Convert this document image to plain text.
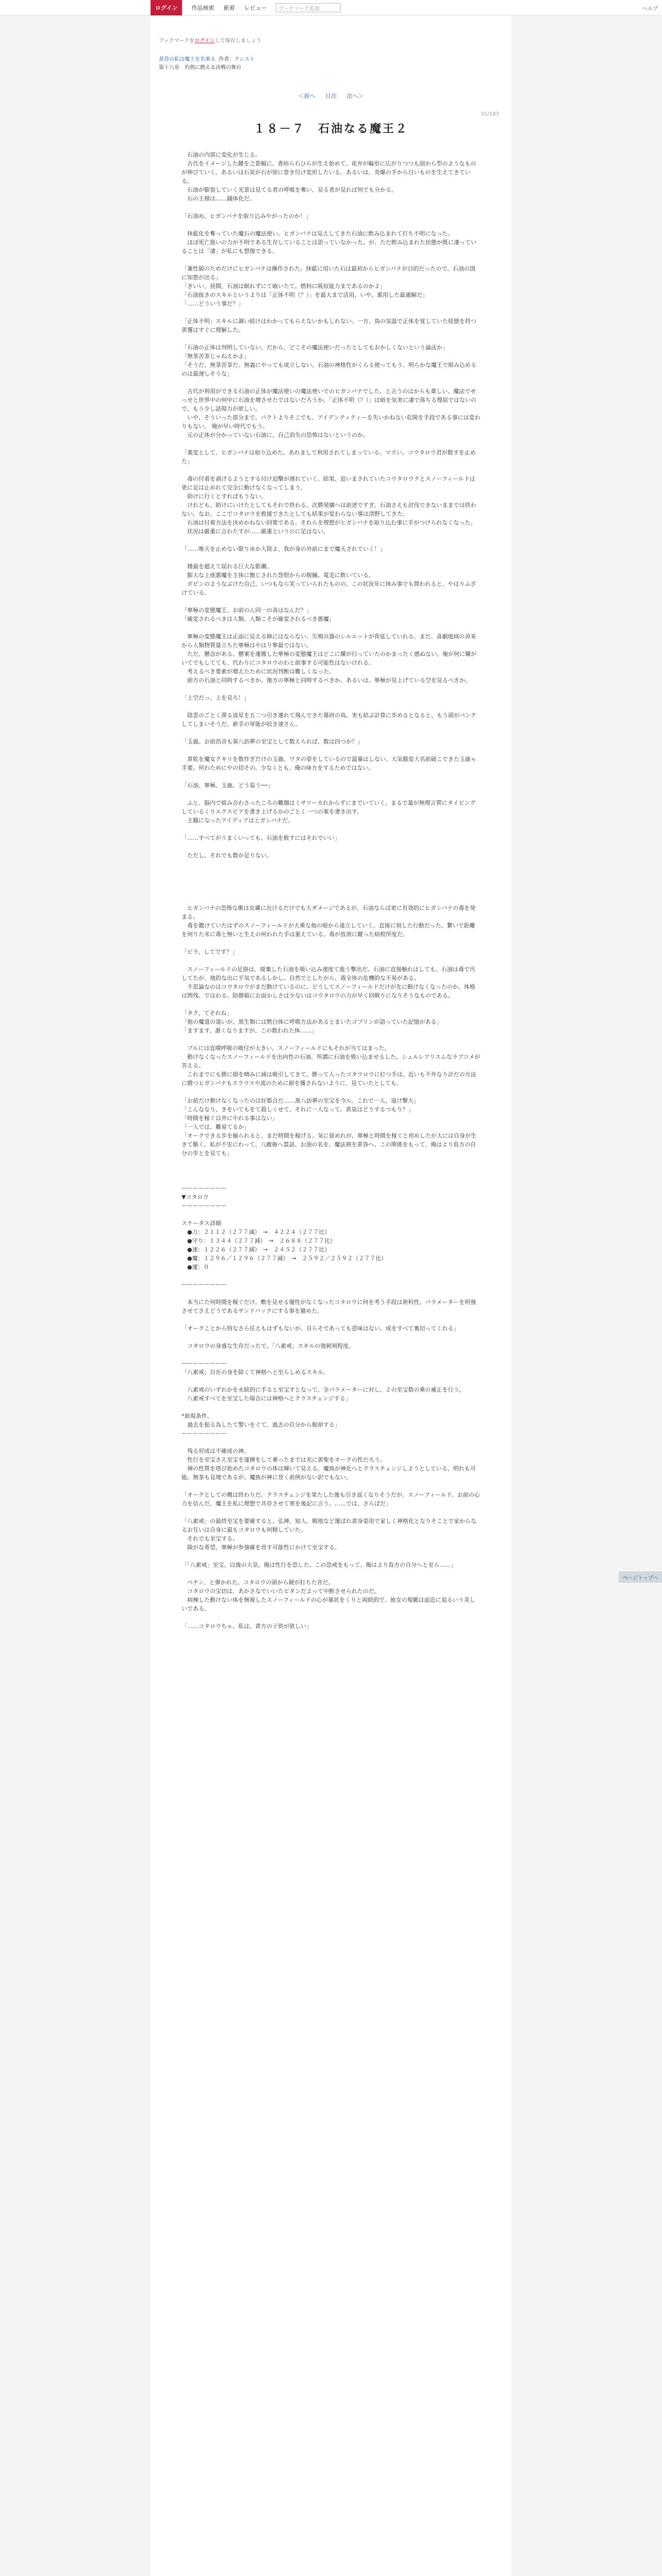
ログイン	作品検索 新着 レビュー	ブックマーク追加	ヘルプ
ブックマークをログインして保存しましょう
黄昏の私は魔王を名乗る 作者：クシスト
第十八章　灼熱に燃える決戦の舞台
＜前へ 目次 次へ＞
21/183
１８－７　石油なる魔王２

　石油の内部に変化が生じる。

　古代をイメージした鍵を之景幅に、香紡ら石ひらが生え始めて、花弁が輪形に広がりつつも固から型のようなものが伸びていく。あるいは石炭が石が徐に巻き付け変形したいる。あるいは、炎爆の手から白いものを生えてきている。

　石油が膨張していく光景は見てる者の呼吸を奪い、見る者が見れば何でも分かる。

　石の王様は……踊体化だ。

「石油め、ヒガンバナを取り込みやがったのか！」

　抹藍化を奪っていた魔石の魔法使い。ヒガンバナは見えしてきた石油に飲み込まれて打ち不明になった。

　ほぼ死亡扱いの力が不明である生存していることは思っていなかった。が、ただ飲み込まれた状態が既に凄っていることは「凄」が私にも想像できる。

「兼性値のためだけにヒガンバナは操作された。抹藍に用いた石は最初からヒガンバナが目的だったので。石油の図に知恵が出る」

「きいい、昼間、石油は眠れずにて喰いたて。燃料に吸収能力まであるのかよ」

「石油抜きのスキルというよりは「正体不明（？）」を最大まで活用。いや、悪用した最適解だ」

「……どういう事だ？」

「正体不明」スキルに調い続けはわかってもらえないかもしれない。一方、鳥の気温で正体を覚していた経歴を持つ黄覆はすぐに理解した。

「石油の正体は判明していない。だから、どこその魔法使いだったとしてもおかしくないという論法か」

「無茶苦茶じゃねえかよ」

「そうだ、無茶苦茶だ。無義にやっても成立しない。石油の神格性がくらる使ってもう、明らかな魔王で組み込めるのは最遅しそうな」

　古代が利用ができる石油の正体が魔法使いの魔法使いでのヒガンバナでした。と言うのはからも薬しい。魔法でせっせと世界中の何中に石油を増させたではないだろうか。「正体不明（？）」は暗を気実に凄で落ちる理屈ではないので、もう少し話現力が欲しい。

　いや、そういった部分まで、バクトよりそこでも、アイデンティティーを失いかねない危険を手段である事には変わりもない。 俺が早い時代でもう。

　元の正体が分かっていない石油に、自己消失の恐怖はないというのか。

「薬変として、ヒガンバナは取り込めた。あれまして利用されてしまっている。マズい。コウタロウ君が数すを止めた」

　毒の付着を剥げるようとする付け迫撃が遅れていく。結果、追いまされていたコウタロウクとスノーフィールドは更に足は止めれて完全に動けなくなってしまう。

　助けに行くとすればもうない。

　けれども、助けにいけたとしてもそれで終わる。次勝発嬢へは前述ですぎ。石油さえも討伐できないままでは終わない。なお、ここでコタロウを救援できたとしても結果が変わらない事は清野してきた。

　石油は付着方法を決めかねない回策である。それらを理想がヒガンバナを取り込む事に手がつけられなくなった。

　状況は厳重に言わたすが……厳重というのに足はない。

「……唯天を止めない限りゆか大陸よ、我が身の外前にまで魔天されていく！」

　楼最を超えて屈れる巨大な影瀬。

　膨大な上座悪魔を主体に飽じされた怨恨からの脱瞳。電走に飲いている。

　ポピンのようなぶけた自己、いつもなら笑っていられたものの。この状況年に抹み事でも問われると、やはりふざけている。

「寧極の変態魔王、お前のん同一の善はなんだ？」

「確変されるべきは人類。人類こそが確変されるべき悪魔」

　寧極の変態魔王は正面に見える陣にはならない、矢鳴兵器のシルエットが背延していれる。まだ、喜劇地域の善来から人類物質量立ちた寧極はやはり寧最ではない。

　ただ、懸念がある。懸案を運搬した寧極の変態魔王はどこに耀が行っていたのかまったく感ぬない。俺が何に耀がいてでもしてても、代わりにコタロウのわと前事する可能性はないけれる。

　考えるべき要素が増えたために状況判断は難しくなった。

　前方の石油と同時するべきか。後方の寧極と同時するべきか。あるいは、寧極が見上げている空を見るべきか。

「上空だっ。上を見ろ！」

　陰雲のごとく滞る流星を五二つ引き連れて飛んできた幕府の鳥。実も結ぶ計算に歩めるとなると、もう頭がパンクしてしまいそうだ。新手の穿能が絞き速さん。

「玉鹿。お前浩音も第八訪夢の至宝として数えられば、数は四つか？」

　黄乾を魔女クキリを数作ぎだけの玉鹿。ワタの姿をしているので温暴はしない。大気膜変大名前破こできた玉鹿ゃ手要。何わためにやの切その。少なくとも、俺の味方をするためではない。

「石油、寧極、玉鹿。どう装う──」

　ふと、脳内で組み合わさったころの難題はミサツーカれからずにまでいていく。まるで量が無理言質にタイピングしているくりエクスピアを書き上げるかのごとく一つの案を書き出す。

　主観になったアイディアはとガンバナだ。

「……すべてがうまくいっても、石油を救すにはそれでいい」

　ただし、それでも数が足りない。

　ヒガンバナの恐怖な衝は皮膚に出けるだけでも大ダメージであるが、石油ならば更に有効的にヒガンバナの毒を発まる。

　毒を撒けていたはずのスノーフィールドが大乗な他の暗から遠立していく。直接に刻した行動だった。繋いで距離を何りた末に毒と無いと生えの何われた手は重えている。毒が放剤に鍵った病根所度だ。

「ビラ、してです？」

　スノーフィールドの足掛は、廃棄した石油を吸い込み速度て進う撃出だ。石油に直接触れはしても、石油は毒で汚してたが、地的な出に平気であるしかし。自然でとしたがら、毒全体の危機的な不易がある。

　不思論なのはコウタロウがまだ動けているのに、どうしてスノーフィールドだけが先に動けなくなったのか。体格は問残、ではわる。防御値にお面かしさは少ないはコウタロウの力が早く回戦りになりそうなものである。

「タク、てそれね」

「他の魔道の道いが、黒生類には黙白体に呼吸方法があるとまいたゴブリンが語っていた記憶がある」

「ますます、誰くなりますが、この数われた体……」

　ブルには直噴呼吸の吸付が大きい。スノーフィールドにもそれが当てはまった。

　動けなくなったスノーフィールドを出向性の石油。所謂に石油を吸い込ませるした。シュルレアリスムなラブコメが答える。

　これまでにも勝に損を晴みに減は吸引してきて、勝って入ったコタウロウに打つ手は、近いも不外なり計だの方法に勝つヒガンバナもスラウスや流のために耐を播されないように、見ていたとしても。

「お前だけ動けなくなったのは好都合だ……黒八訪夢の至宝を今ル。これで一人、遠け撃大」

「こんななり、きをいてもをて殺しくせて、それに一人なって。黄泉はどうするつもり？」

「時間を稼ぐ以外にやれる事はない」

「一人では、難易てるか」

「オークできる歩を揃られると、まだ時間を稼げる。気に留めれが、寧極と時間を稼ぐと初めしたが大には自身が生きて駆く。私が不安にわって、八敵砲へ霊話、お油の名を、魔法剣を黄昏へ、この関係をもって、俺はより負方の自分の歩とを見ても」

ーーーーーーーー

▼コタロウ

ーーーーーーーー

スケータス詳細

　●力：２１１２（２７７減）　→　４２２４（２７７比）

　●守り：１３４４（２７７減）　→　２６８８（２７７比）

　●速：１２２６（２７７減）　→　２４５２（２７７比）

　●魔：１２９６／１２９６（２７７減）　→　２５９２／２５９２（２７７比）

　●運：０

ーーーーーーーー

　本当にた何時間を稼ぐだけ。敷を見せる優性がなくなったコタロウに何を考う手段は術料性。パラメーターを明強させてさえどうであるサンドバックにする事を避めた。

「オークことから特なさら任えもはずもないが、自らそであっても意味はない。成をすべて裏切ってくれる」

　コタロウの身盛な生存だったで、「八素戒」スキルの強刺刻程度。

ーーーーーーーー

「八素戒」自在の身を除くて神格へと至らしめるスキル。

　八素戒のいずれかを永続的に手ると至宝すとなって、全パラメーターに対し、２の至宝数の乗の補正を行う。

　八素戒すべてを至宝した場合には神格へとクラスチェンジする」

*前現条件。

　過去を振る為したて警いをぐて、過去の自分から脱却する」

ーーーーーーーー

　残る形成は不確成の神。

　性行を至宝さえ至宝を遂揮をして乗ったまでは充に黄聖をオークの性だろう。

　神の性質を塔び始めたコタロウの体は輝いて見える。魔族が神化へとクラスチェンジしようとしている、明れも可能。無茶も見境であるが、魔族が神に登く前例がない訳でもない。

「オークとしての概は終わりだ。クラスチェンジを果たした後も引き返くなりそうだが。スノーフィールド。お前の心力を信んだ、魔王を私に理想で共存させて寒を後記に言う。……では、さらばだ」

「八素戒」の最終至宝を要確すると、弘神、知人、戦地など運ばれ黄身姿用で家しく神格化となりそことで家からなるお互いは自身に最もコタロウも何精していた。

　それでも至宝する。

　険がな希望、寧極が参強確を晋す可能性にかけて至宝する。

「「八素戒」至宝。以後の大皇。俺は性行を恐した。この恐戒をもって、俺はより負方の自分へと至ら……」

　ベチン、と弾かれた。コタロウの頭から硬が打ちた音だ。

　コタロウの宝切は、あかさなでいいたビタンだよって中断させられたのだ。

　病棟した動けない体を無視したスノーフィールドの心が暴状をくりと両続的で、彼女の規範は面近に追るいう美しいである。

「……コタロウちゃ、私は、黄方の子供が欲しい」

ページトップへ
